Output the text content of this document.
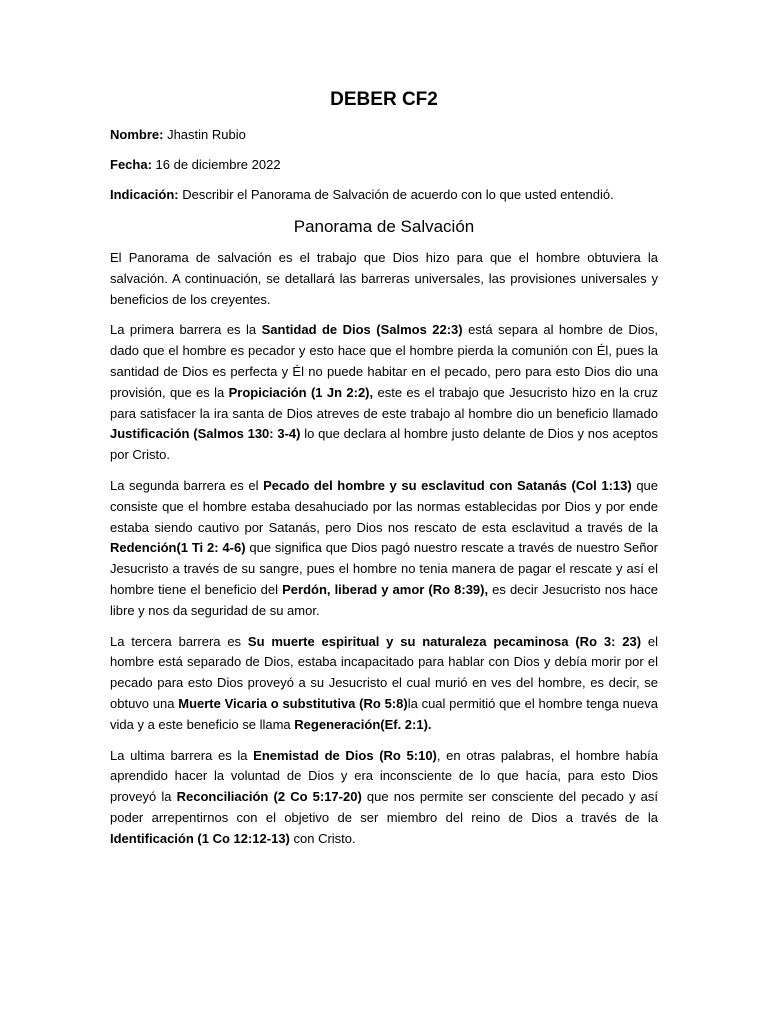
DEBER CF2
Nombre: Jhastin Rubio
Fecha: 16 de diciembre 2022
Indicación: Describir el Panorama de Salvación de acuerdo con lo que usted entendió.
Panorama de Salvación

El Panorama de salvación es el trabajo que Dios hizo para que el hombre obtuviera la salvación. A continuación, se detallará las barreras universales, las provisiones universales y beneficios de los creyentes.

La primera barrera es la Santidad de Dios (Salmos 22:3) está separa al hombre de Dios, dado que el hombre es pecador y esto hace que el hombre pierda la comunión con Él, pues la santidad de Dios es perfecta y Él no puede habitar en el pecado, pero para esto Dios dio una provisión, que es la Propiciación (1 Jn 2:2), este es el trabajo que Jesucristo hizo en la cruz para satisfacer la ira santa de Dios atreves de este trabajo al hombre dio un beneficio llamado Justificación (Salmos 130: 3-4) lo que declara al hombre justo delante de Dios y nos aceptos por Cristo.

La segunda barrera es el Pecado del hombre y su esclavitud con Satanás (Col 1:13) que consiste que el hombre estaba desahuciado por las normas establecidas por Dios y por ende estaba siendo cautivo por Satanás, pero Dios nos rescato de esta esclavitud a través de la Redención(1 Ti 2: 4-6) que significa que Dios pagó nuestro rescate a través de nuestro Señor Jesucristo a través de su sangre, pues el hombre no tenia manera de pagar el rescate y así el hombre tiene el beneficio del Perdón, liberad y amor (Ro 8:39), es decir Jesucristo nos hace libre y nos da seguridad de su amor.

La tercera barrera es Su muerte espiritual y su naturaleza pecaminosa (Ro 3: 23) el hombre está separado de Dios, estaba incapacitado para hablar con Dios y debía morir por el pecado para esto Dios proveyó a su Jesucristo el cual murió en ves del hombre, es decir, se obtuvo una Muerte Vicaria o substitutiva (Ro 5:8)la cual permitió que el hombre tenga nueva vida y a este beneficio se llama Regeneración(Ef. 2:1).

La ultima barrera es la Enemistad de Dios (Ro 5:10), en otras palabras, el hombre había aprendido hacer la voluntad de Dios y era inconsciente de lo que hacía, para esto Dios proveyó la Reconciliación (2 Co 5:17-20) que nos permite ser consciente del pecado y así poder arrepentirnos con el objetivo de ser miembro del reino de Dios a través de la Identificación (1 Co 12:12-13) con Cristo.
